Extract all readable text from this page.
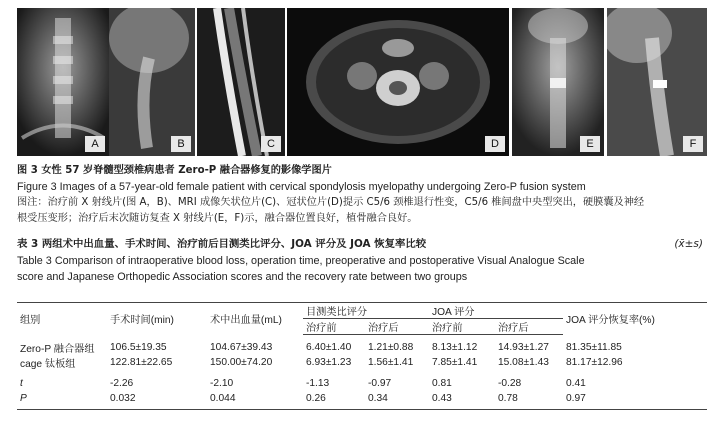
A	B	C	D	E	F
图 3 女性 57 岁脊髓型颈椎病患者 Zero-P 融合器修复的影像学图片
Figure 3 Images of a 57-year-old female patient with cervical spondylosis myelopathy undergoing Zero-P fusion system
图注：治疗前 X 射线片(图 A，B)、MRI 成像矢状位片(C)、冠状位片(D)提示 C5/6 颈椎退行性变，C5/6 椎间盘中央型突出，硬膜囊及神经
根受压变形；治疗后末次随访复查 X 射线片(E，F)示，融合器位置良好，植骨融合良好。
表 3 两组术中出血量、手术时间、治疗前后目测类比评分、JOA 评分及 JOA 恢复率比较	(x̄±s)
Table 3 Comparison of intraoperative blood loss, operation time, preoperative and postoperative Visual Analogue Scale
score and Japanese Orthopedic Association scores and the recovery rate between two groups
组别	手术时间(min)	术中出血量(mL)	目测类比评分		JOA 评分		JOA 评分恢复率(%)
			治疗前	治疗后	治疗前	治疗后	
Zero-P 融合器组	106.5±19.35	104.67±39.43	6.40±1.40	1.21±0.88	8.13±1.12	14.93±1.27	81.35±11.85
cage 钛板组	122.81±22.65	150.00±74.20	6.93±1.23	1.56±1.41	7.85±1.41	15.08±1.43	81.17±12.96
t	-2.26	-2.10	-1.13	-0.97	0.81	-0.28	0.41
P	0.032	0.044	0.26	0.34	0.43	0.78	0.97
